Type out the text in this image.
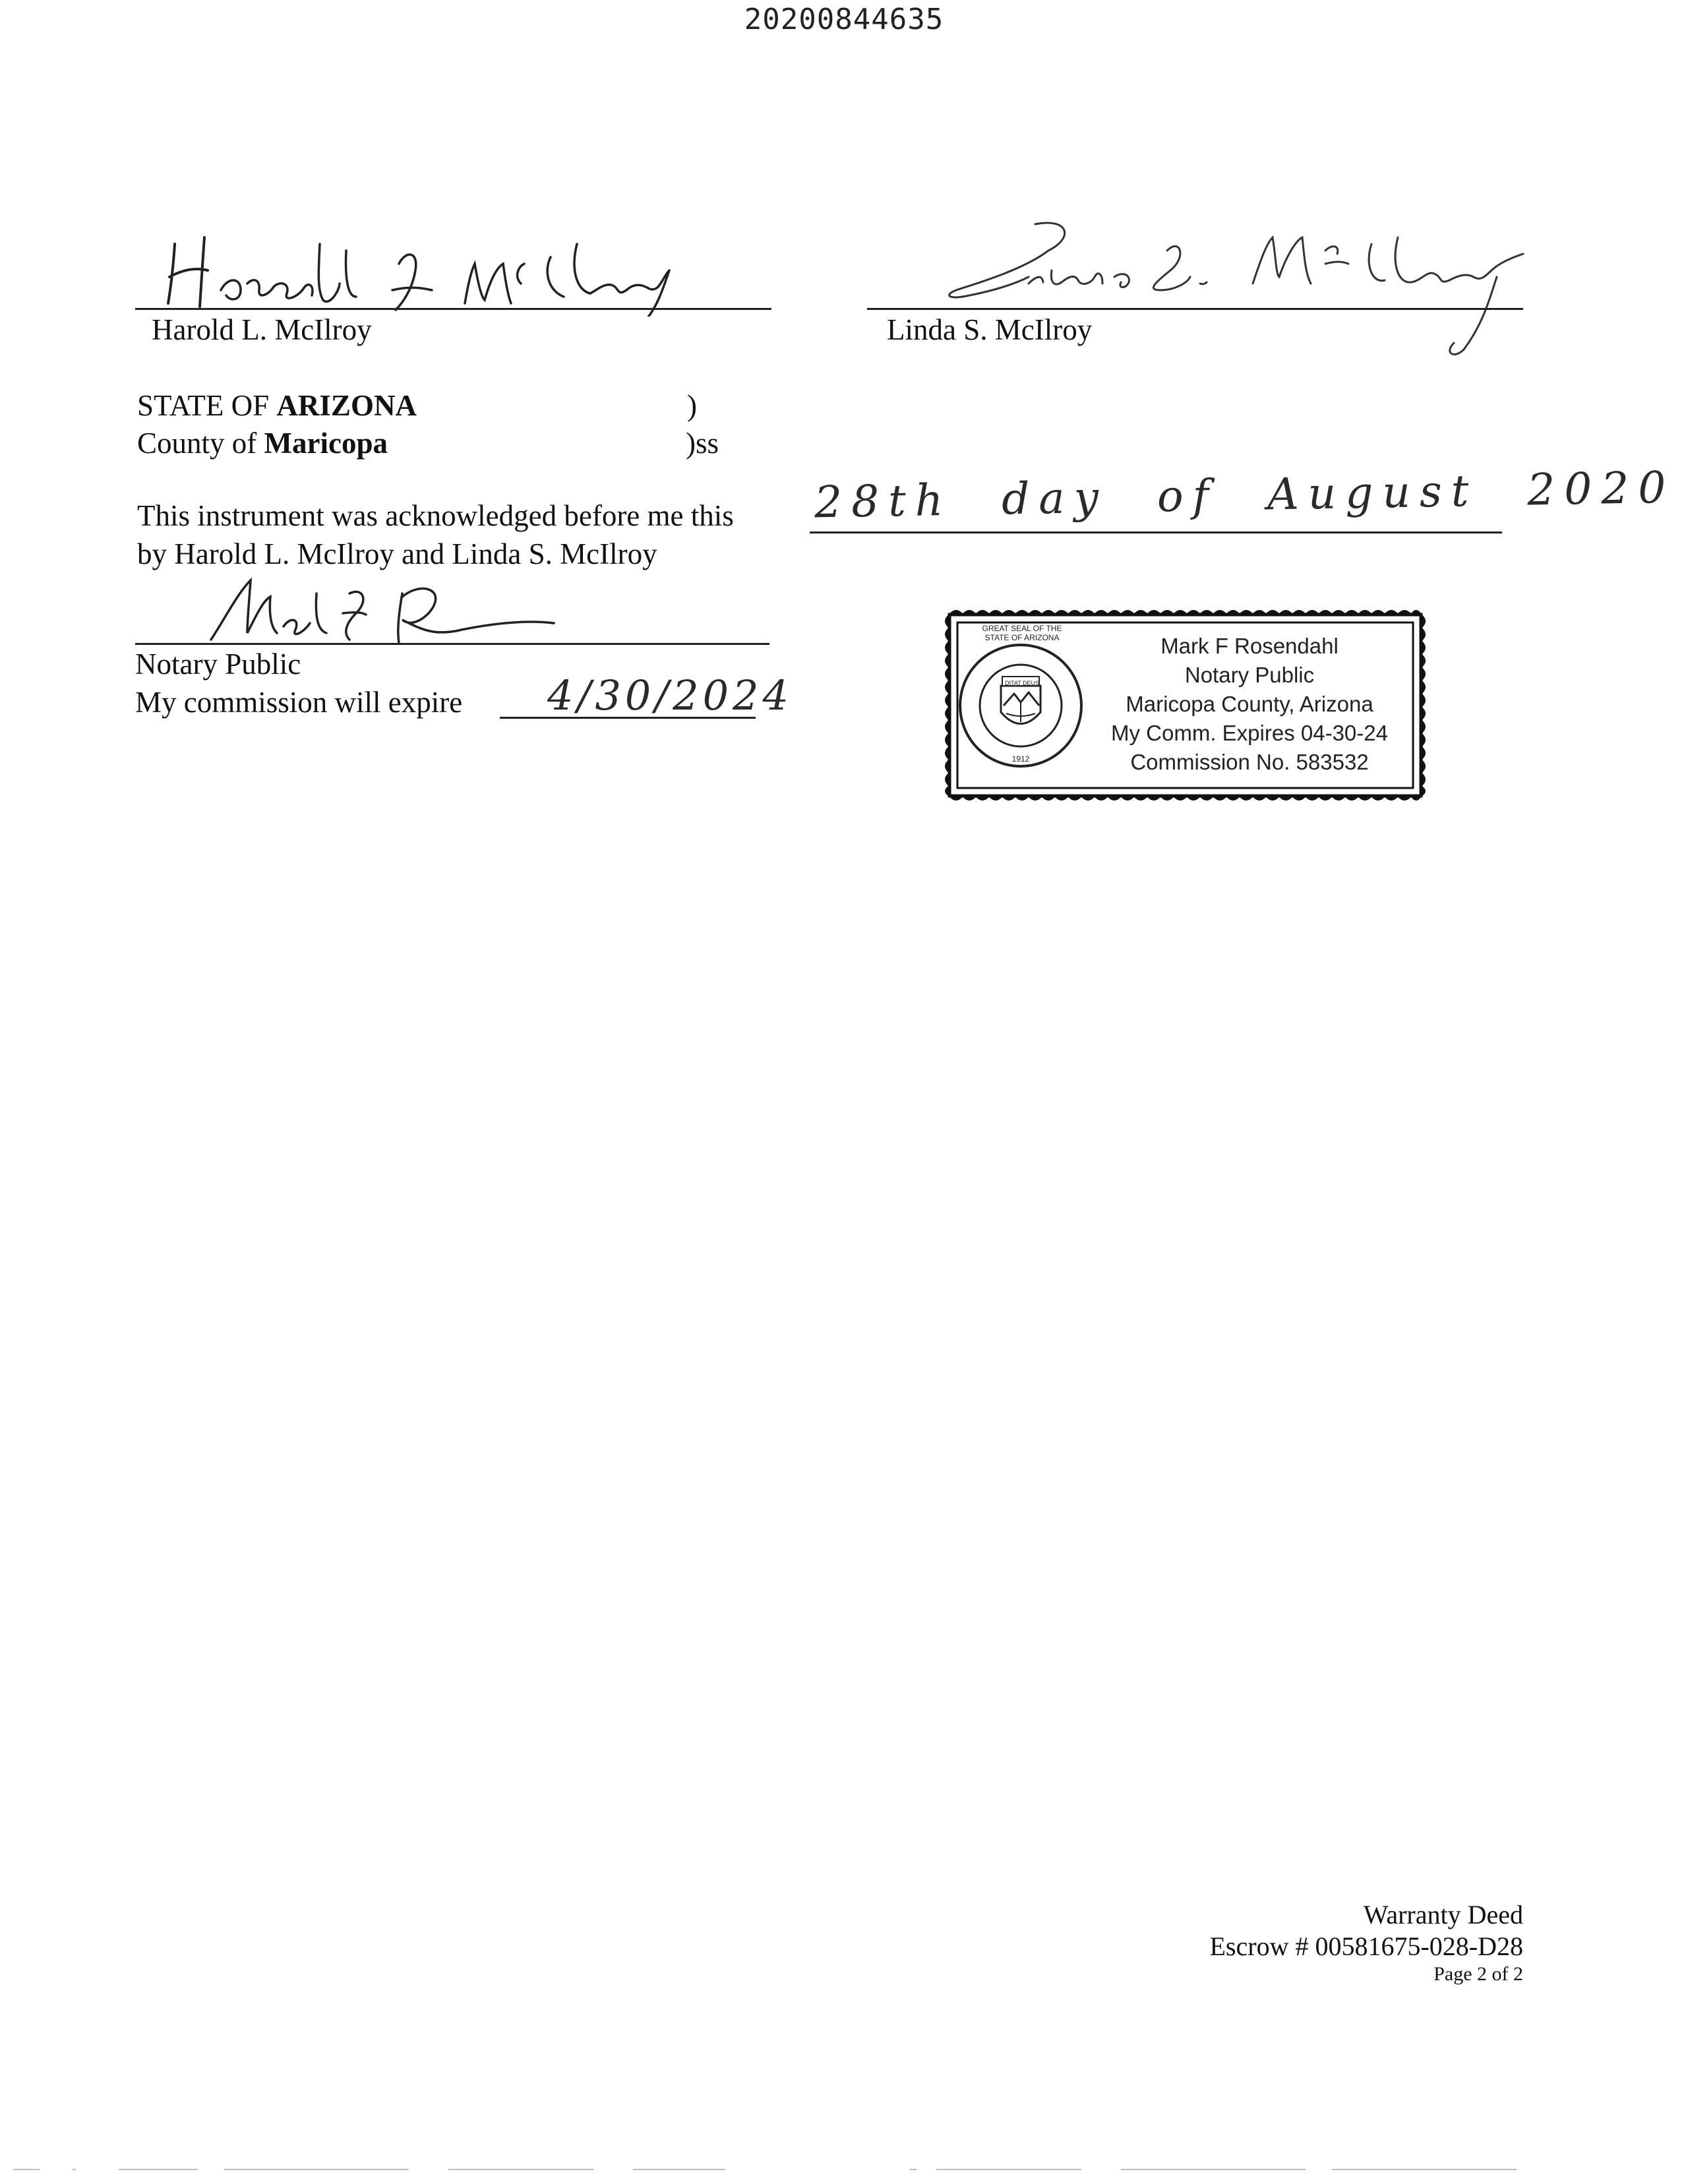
20200844635
Harold L. McIlroy	Linda S. McIlroy
STATE OF ARIZONA	)
County of Maricopa	)ss
This instrument was acknowledged before me this 28th day of August 2020
by Harold L. McIlroy and Linda S. McIlroy
Notary Public
My commission will expire 4/30/2024
GREAT SEAL OF THE STATE OF ARIZONA
DITAT DEUS
1912
Mark F Rosendahl
Notary Public
Maricopa County, Arizona
My Comm. Expires 04-30-24
Commission No. 583532
Warranty Deed
Escrow # 00581675-028-D28
Page 2 of 2
